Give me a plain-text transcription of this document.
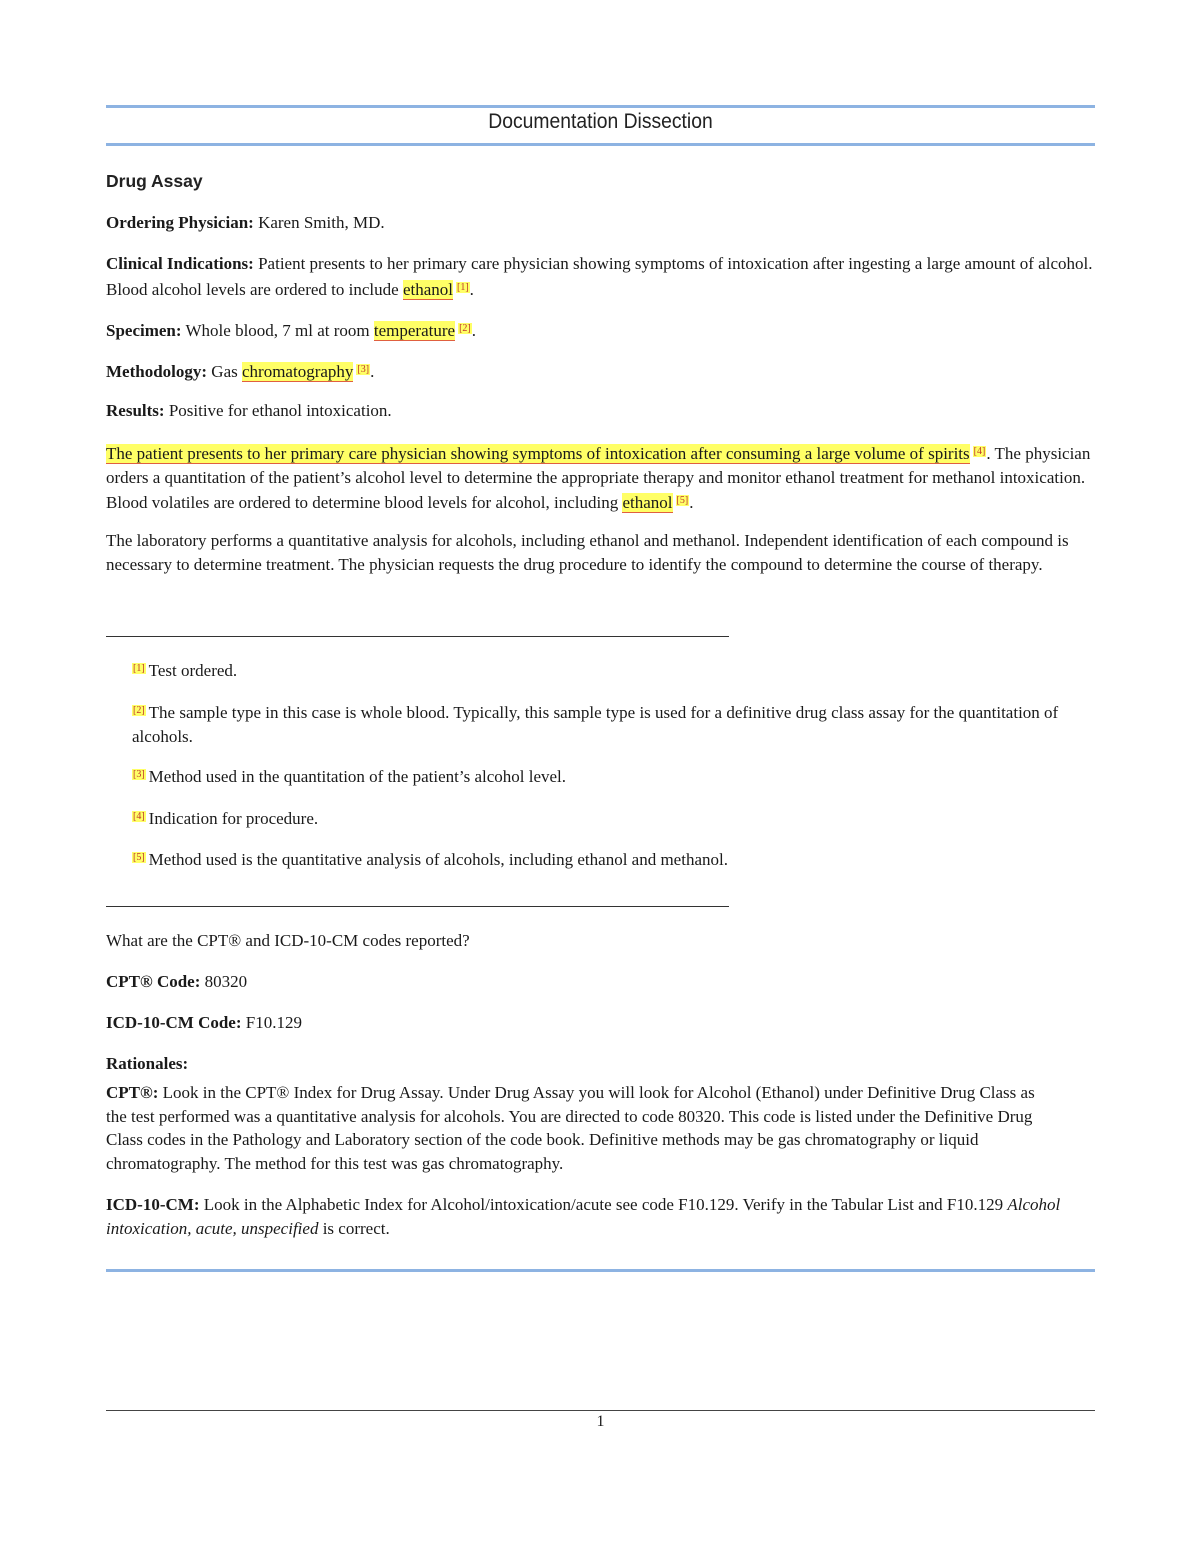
Documentation Dissection
Drug Assay
Ordering Physician: Karen Smith, MD.
Clinical Indications: Patient presents to her primary care physician showing symptoms of intoxication after ingesting a large amount of alcohol. Blood alcohol levels are ordered to include ethanol [1].
Specimen: Whole blood, 7 ml at room temperature [2].
Methodology: Gas chromatography [3].
Results: Positive for ethanol intoxication.
The patient presents to her primary care physician showing symptoms of intoxication after consuming a large volume of spirits [4]. The physician orders a quantitation of the patient’s alcohol level to determine the appropriate therapy and monitor ethanol treatment for methanol intoxication. Blood volatiles are ordered to determine blood levels for alcohol, including ethanol [5].
The laboratory performs a quantitative analysis for alcohols, including ethanol and methanol. Independent identification of each compound is necessary to determine treatment. The physician requests the drug procedure to identify the compound to determine the course of therapy.
[1] Test ordered.
[2] The sample type in this case is whole blood. Typically, this sample type is used for a definitive drug class assay for the quantitation of alcohols.
[3] Method used in the quantitation of the patient’s alcohol level.
[4] Indication for procedure.
[5] Method used is the quantitative analysis of alcohols, including ethanol and methanol.
What are the CPT® and ICD-10-CM codes reported?
CPT® Code: 80320
ICD-10-CM Code: F10.129
Rationales:
CPT®: Look in the CPT® Index for Drug Assay. Under Drug Assay you will look for Alcohol (Ethanol) under Definitive Drug Class as the test performed was a quantitative analysis for alcohols. You are directed to code 80320. This code is listed under the Definitive Drug Class codes in the Pathology and Laboratory section of the code book. Definitive methods may be gas chromatography or liquid chromatography. The method for this test was gas chromatography.
ICD-10-CM: Look in the Alphabetic Index for Alcohol/intoxication/acute see code F10.129. Verify in the Tabular List and F10.129 Alcohol intoxication, acute, unspecified is correct.
1
